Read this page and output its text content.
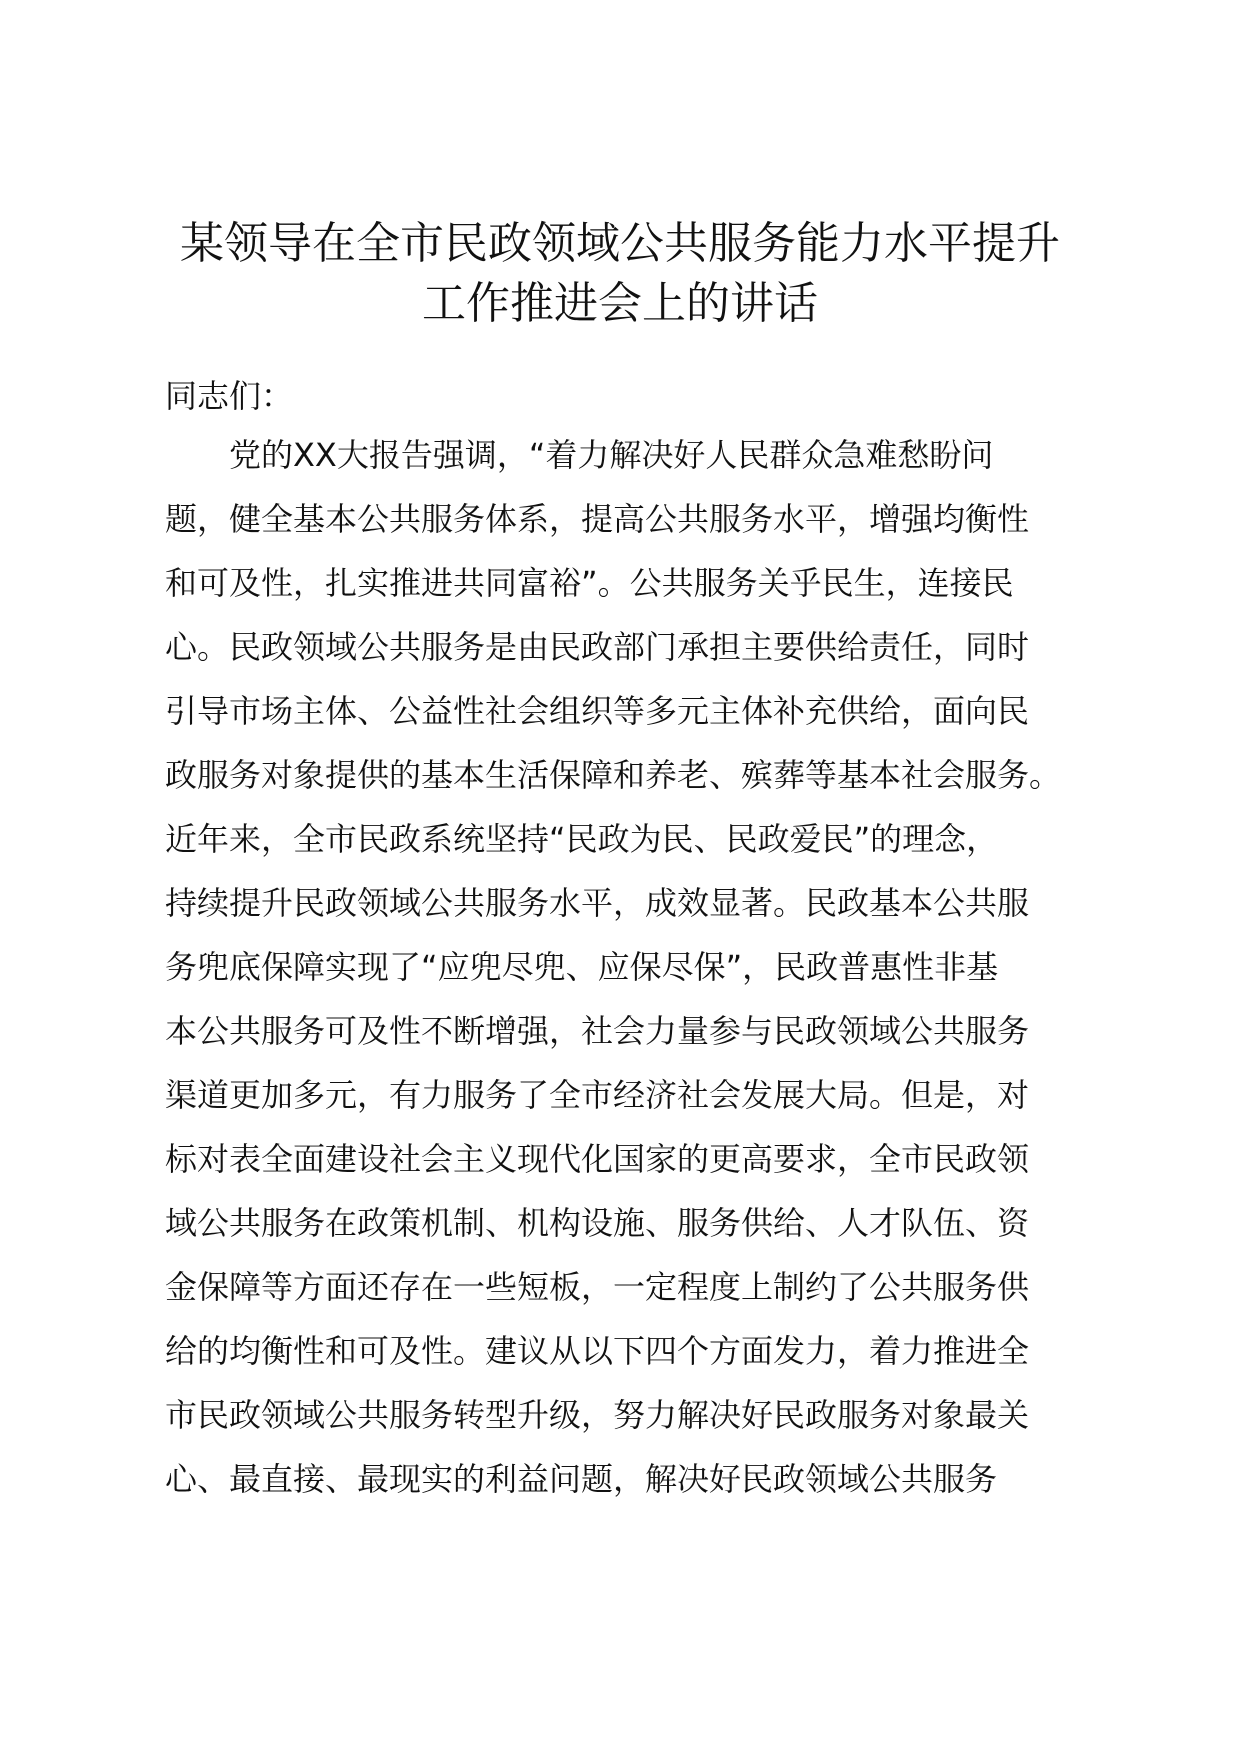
某领导在全市民政领域公共服务能力水平提升
工作推进会上的讲话
同志们：
党的XX大报告强调，“着力解决好人民群众急难愁盼问
题，健全基本公共服务体系，提高公共服务水平，增强均衡性
和可及性，扎实推进共同富裕”。公共服务关乎民生，连接民
心。民政领域公共服务是由民政部门承担主要供给责任，同时
引导市场主体、公益性社会组织等多元主体补充供给，面向民
政服务对象提供的基本生活保障和养老、殡葬等基本社会服务。
近年来，全市民政系统坚持“民政为民、民政爱民”的理念，
持续提升民政领域公共服务水平，成效显著。民政基本公共服
务兜底保障实现了“应兜尽兜、应保尽保”，民政普惠性非基
本公共服务可及性不断增强，社会力量参与民政领域公共服务
渠道更加多元，有力服务了全市经济社会发展大局。但是，对
标对表全面建设社会主义现代化国家的更高要求，全市民政领
域公共服务在政策机制、机构设施、服务供给、人才队伍、资
金保障等方面还存在一些短板，一定程度上制约了公共服务供
给的均衡性和可及性。建议从以下四个方面发力，着力推进全
市民政领域公共服务转型升级，努力解决好民政服务对象最关
心、最直接、最现实的利益问题，解决好民政领域公共服务
